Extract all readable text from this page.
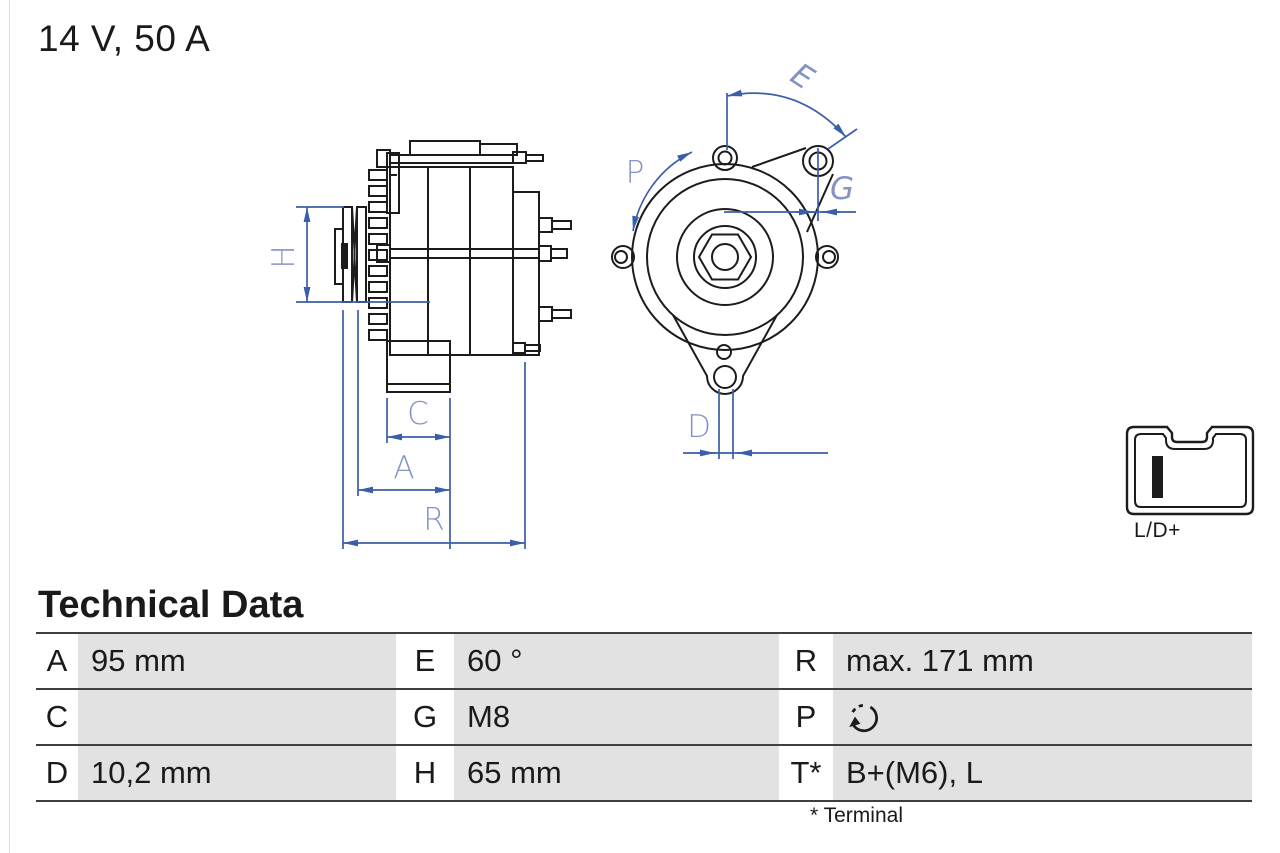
14 V, 50 A
H
C
A
R
P
E
G
D
L/D+
Technical Data
A 95 mm	E	60 °	R max. 171 mm
C	G M8	P
D 10,2 mm	H 65 mm	T* B+(M6), L
* Terminal
